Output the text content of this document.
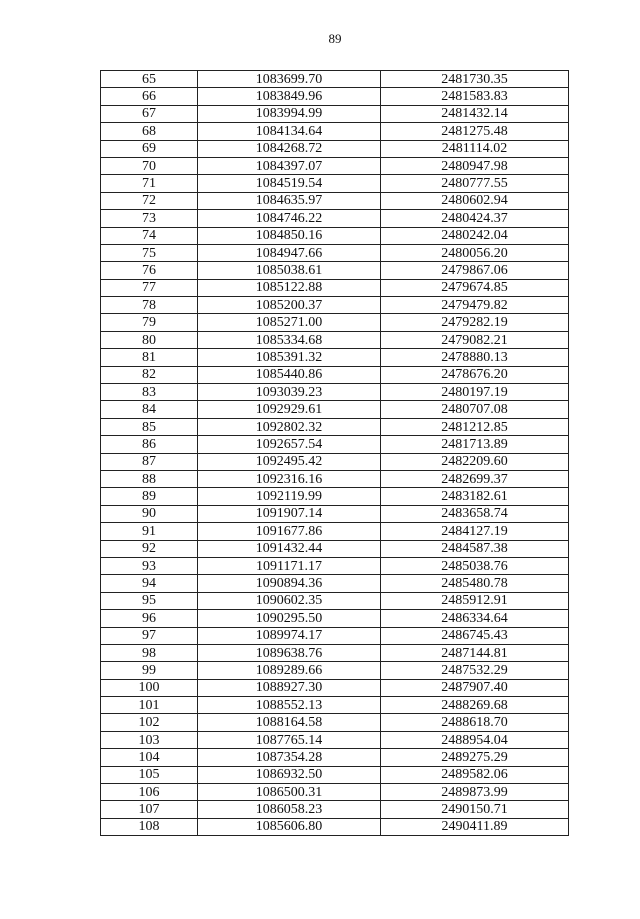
89
65	1083699.70	2481730.35
66	1083849.96	2481583.83
67	1083994.99	2481432.14
68	1084134.64	2481275.48
69	1084268.72	2481114.02
70	1084397.07	2480947.98
71	1084519.54	2480777.55
72	1084635.97	2480602.94
73	1084746.22	2480424.37
74	1084850.16	2480242.04
75	1084947.66	2480056.20
76	1085038.61	2479867.06
77	1085122.88	2479674.85
78	1085200.37	2479479.82
79	1085271.00	2479282.19
80	1085334.68	2479082.21
81	1085391.32	2478880.13
82	1085440.86	2478676.20
83	1093039.23	2480197.19
84	1092929.61	2480707.08
85	1092802.32	2481212.85
86	1092657.54	2481713.89
87	1092495.42	2482209.60
88	1092316.16	2482699.37
89	1092119.99	2483182.61
90	1091907.14	2483658.74
91	1091677.86	2484127.19
92	1091432.44	2484587.38
93	1091171.17	2485038.76
94	1090894.36	2485480.78
95	1090602.35	2485912.91
96	1090295.50	2486334.64
97	1089974.17	2486745.43
98	1089638.76	2487144.81
99	1089289.66	2487532.29
100	1088927.30	2487907.40
101	1088552.13	2488269.68
102	1088164.58	2488618.70
103	1087765.14	2488954.04
104	1087354.28	2489275.29
105	1086932.50	2489582.06
106	1086500.31	2489873.99
107	1086058.23	2490150.71
108	1085606.80	2490411.89
